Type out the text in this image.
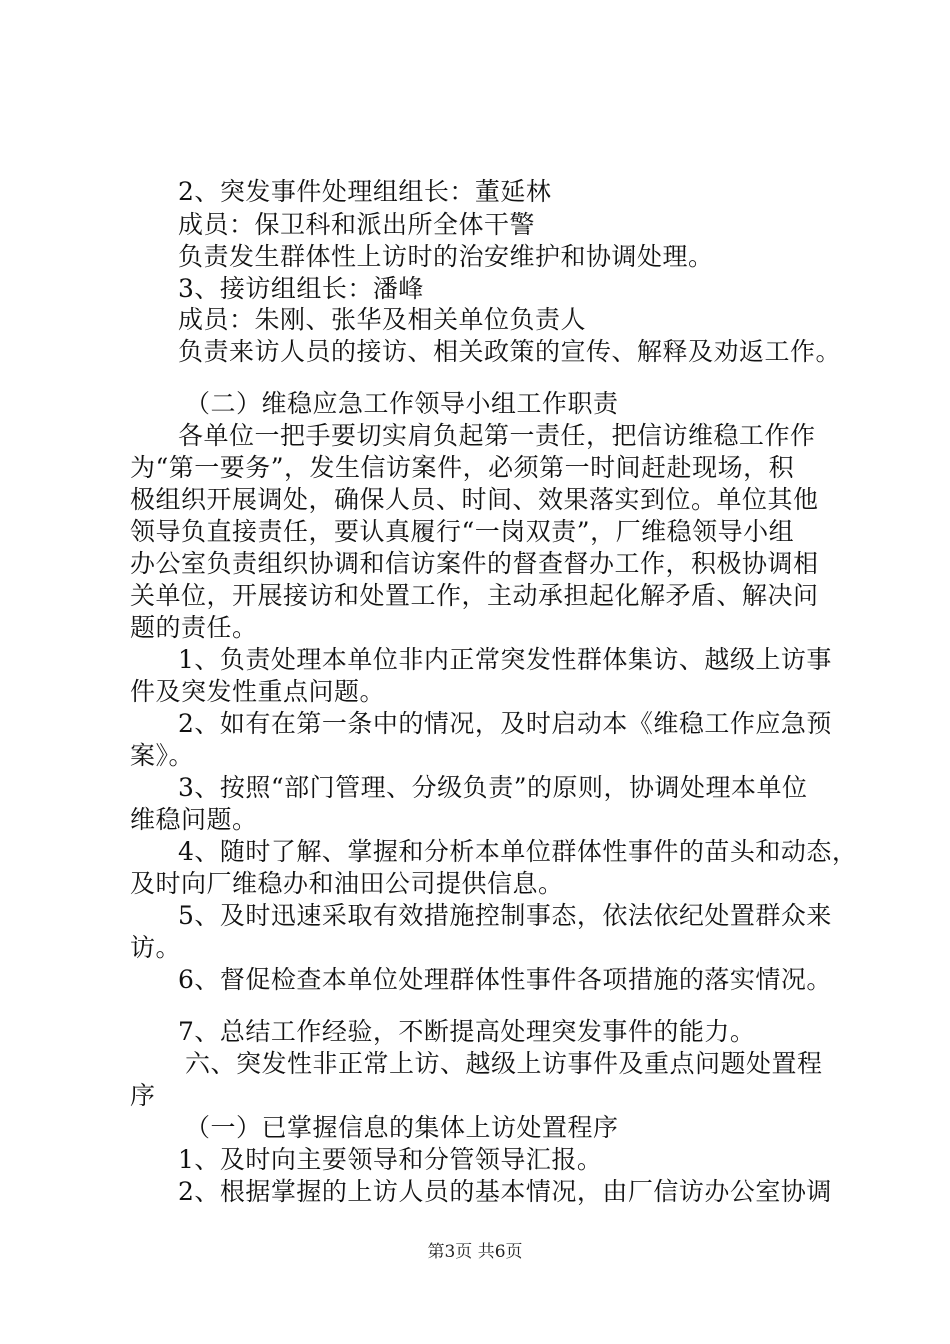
2、突发事件处理组组长：董延林
成员：保卫科和派出所全体干警
负责发生群体性上访时的治安维护和协调处理。
3、接访组组长：潘峰
成员：朱刚、张华及相关单位负责人
负责来访人员的接访、相关政策的宣传、解释及劝返工作。
（二）维稳应急工作领导小组工作职责
各单位一把手要切实肩负起第一责任，把信访维稳工作作
为“第一要务”，发生信访案件，必须第一时间赶赴现场，积
极组织开展调处，确保人员、时间、效果落实到位。单位其他
领导负直接责任，要认真履行“一岗双责”，厂维稳领导小组
办公室负责组织协调和信访案件的督查督办工作，积极协调相
关单位，开展接访和处置工作，主动承担起化解矛盾、解决问
题的责任。
1、负责处理本单位非内正常突发性群体集访、越级上访事
件及突发性重点问题。
2、如有在第一条中的情况，及时启动本《维稳工作应急预
案》。
3、按照“部门管理、分级负责”的原则，协调处理本单位
维稳问题。
4、随时了解、掌握和分析本单位群体性事件的苗头和动态，
及时向厂维稳办和油田公司提供信息。
5、及时迅速采取有效措施控制事态，依法依纪处置群众来
访。
6、督促检查本单位处理群体性事件各项措施的落实情况。
7、总结工作经验，不断提高处理突发事件的能力。
六、突发性非正常上访、越级上访事件及重点问题处置程
序
（一）已掌握信息的集体上访处置程序
1、及时向主要领导和分管领导汇报。
2、根据掌握的上访人员的基本情况，由厂信访办公室协调
第3页 共6页
